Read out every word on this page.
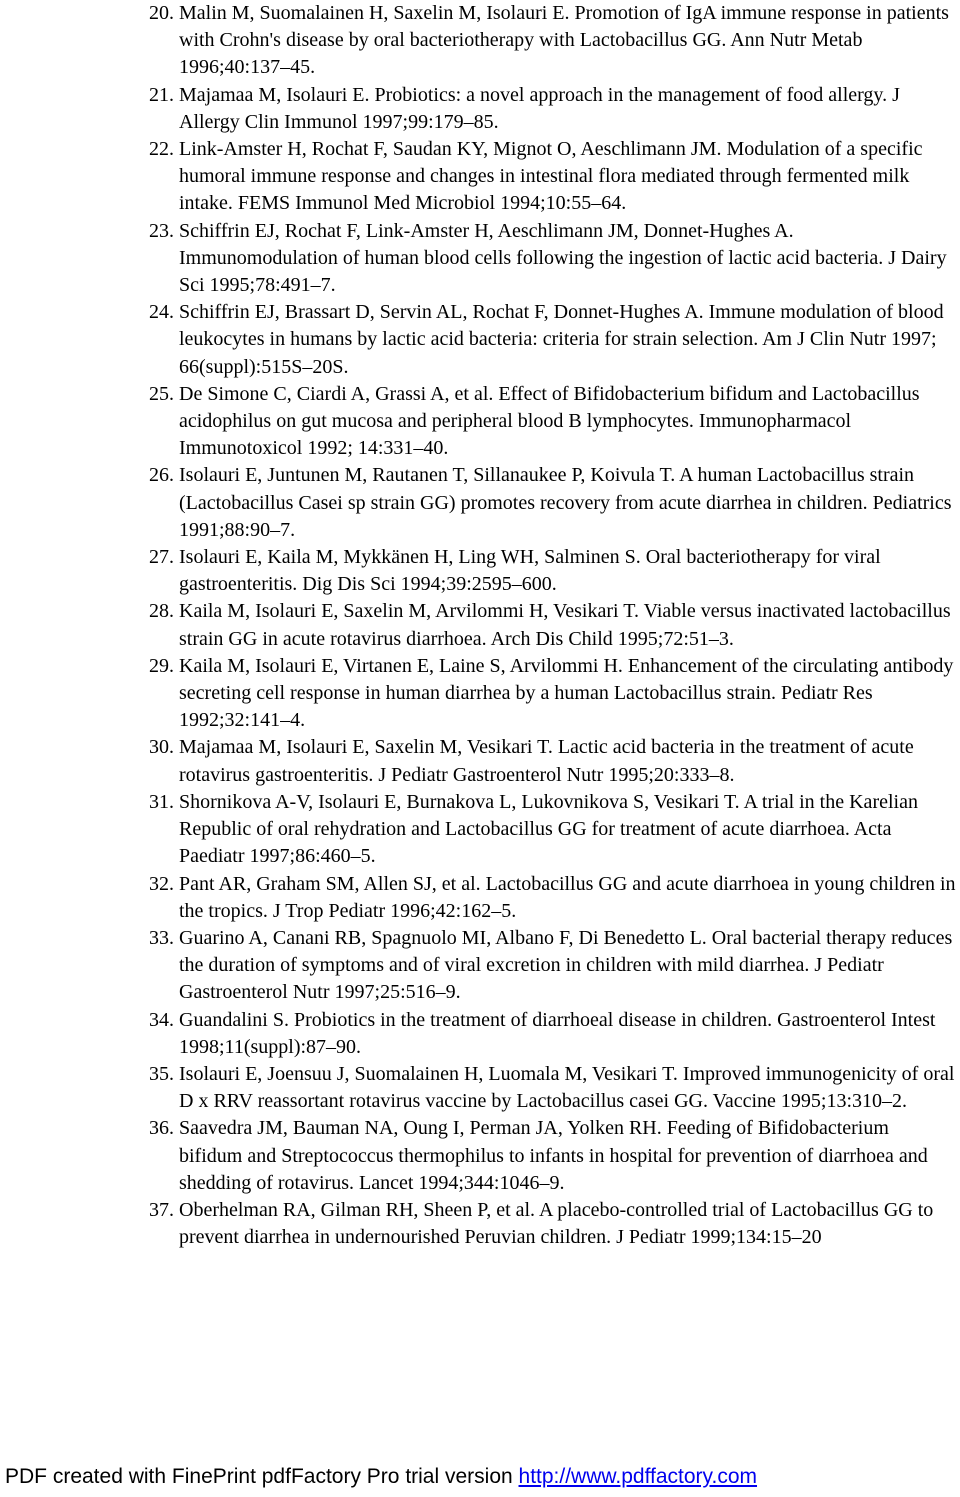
20. Malin M, Suomalainen H, Saxelin M, Isolauri E. Promotion of IgA immune response in patients with Crohn's disease by oral bacteriotherapy with Lactobacillus GG. Ann Nutr Metab 1996;40:137–45.
21. Majamaa M, Isolauri E. Probiotics: a novel approach in the management of food allergy. J Allergy Clin Immunol 1997;99:179–85.
22. Link-Amster H, Rochat F, Saudan KY, Mignot O, Aeschlimann JM. Modulation of a specific humoral immune response and changes in intestinal flora mediated through fermented milk intake. FEMS Immunol Med Microbiol 1994;10:55–64.
23. Schiffrin EJ, Rochat F, Link-Amster H, Aeschlimann JM, Donnet-Hughes A. Immunomodulation of human blood cells following the ingestion of lactic acid bacteria. J Dairy Sci 1995;78:491–7.
24. Schiffrin EJ, Brassart D, Servin AL, Rochat F, Donnet-Hughes A. Immune modulation of blood leukocytes in humans by lactic acid bacteria: criteria for strain selection. Am J Clin Nutr 1997; 66(suppl):515S–20S.
25. De Simone C, Ciardi A, Grassi A, et al. Effect of Bifidobacterium bifidum and Lactobacillus acidophilus on gut mucosa and peripheral blood B lymphocytes. Immunopharmacol Immunotoxicol 1992; 14:331–40.
26. Isolauri E, Juntunen M, Rautanen T, Sillanaukee P, Koivula T. A human Lactobacillus strain (Lactobacillus Casei sp strain GG) promotes recovery from acute diarrhea in children. Pediatrics 1991;88:90–7.
27. Isolauri E, Kaila M, Mykkänen H, Ling WH, Salminen S. Oral bacteriotherapy for viral gastroenteritis. Dig Dis Sci 1994;39:2595–600.
28. Kaila M, Isolauri E, Saxelin M, Arvilommi H, Vesikari T. Viable versus inactivated lactobacillus strain GG in acute rotavirus diarrhoea. Arch Dis Child 1995;72:51–3.
29. Kaila M, Isolauri E, Virtanen E, Laine S, Arvilommi H. Enhancement of the circulating antibody secreting cell response in human diarrhea by a human Lactobacillus strain. Pediatr Res 1992;32:141–4.
30. Majamaa M, Isolauri E, Saxelin M, Vesikari T. Lactic acid bacteria in the treatment of acute rotavirus gastroenteritis. J Pediatr Gastroenterol Nutr 1995;20:333–8.
31. Shornikova A-V, Isolauri E, Burnakova L, Lukovnikova S, Vesikari T. A trial in the Karelian Republic of oral rehydration and Lactobacillus GG for treatment of acute diarrhoea. Acta Paediatr 1997;86:460–5.
32. Pant AR, Graham SM, Allen SJ, et al. Lactobacillus GG and acute diarrhoea in young children in the tropics. J Trop Pediatr 1996;42:162–5.
33. Guarino A, Canani RB, Spagnuolo MI, Albano F, Di Benedetto L. Oral bacterial therapy reduces the duration of symptoms and of viral excretion in children with mild diarrhea. J Pediatr Gastroenterol Nutr 1997;25:516–9.
34. Guandalini S. Probiotics in the treatment of diarrhoeal disease in children. Gastroenterol Intest 1998;11(suppl):87–90.
35. Isolauri E, Joensuu J, Suomalainen H, Luomala M, Vesikari T. Improved immunogenicity of oral D x RRV reassortant rotavirus vaccine by Lactobacillus casei GG. Vaccine 1995;13:310–2.
36. Saavedra JM, Bauman NA, Oung I, Perman JA, Yolken RH. Feeding of Bifidobacterium bifidum and Streptococcus thermophilus to infants in hospital for prevention of diarrhoea and shedding of rotavirus. Lancet 1994;344:1046–9.
37. Oberhelman RA, Gilman RH, Sheen P, et al. A placebo-controlled trial of Lactobacillus GG to prevent diarrhea in undernourished Peruvian children. J Pediatr 1999;134:15–20
PDF created with FinePrint pdfFactory Pro trial version http://www.pdffactory.com
